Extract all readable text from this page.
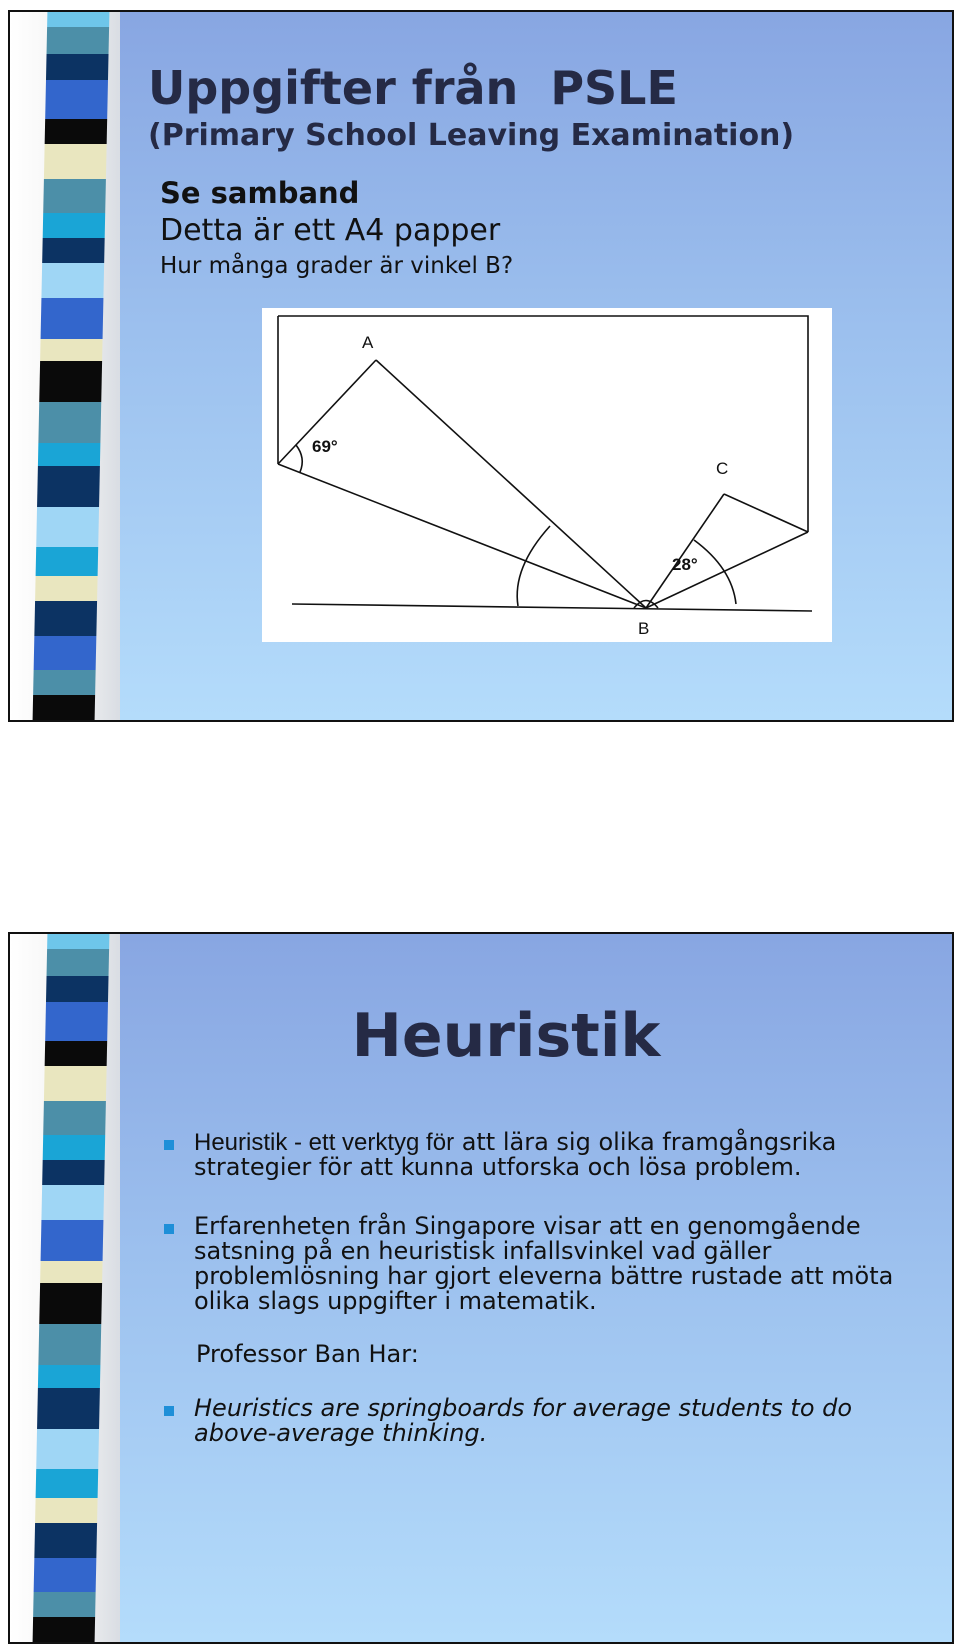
Uppgifter från  PSLE
(Primary School Leaving Examination)
Se samband
Detta är ett A4 papper
Hur många grader är vinkel B?
A
C
B
69°
28°
Heuristik
Heuristik - ett verktyg för att lära sig olika framgångsrika strategier för att kunna utforska och lösa problem.
Erfarenheten från Singapore visar att en genomgående satsning på en heuristisk infallsvinkel vad gäller problemlösning har gjort eleverna bättre rustade att möta olika slags uppgifter i matematik.
Professor Ban Har:
Heuristics are springboards for average students to do above-average thinking.
